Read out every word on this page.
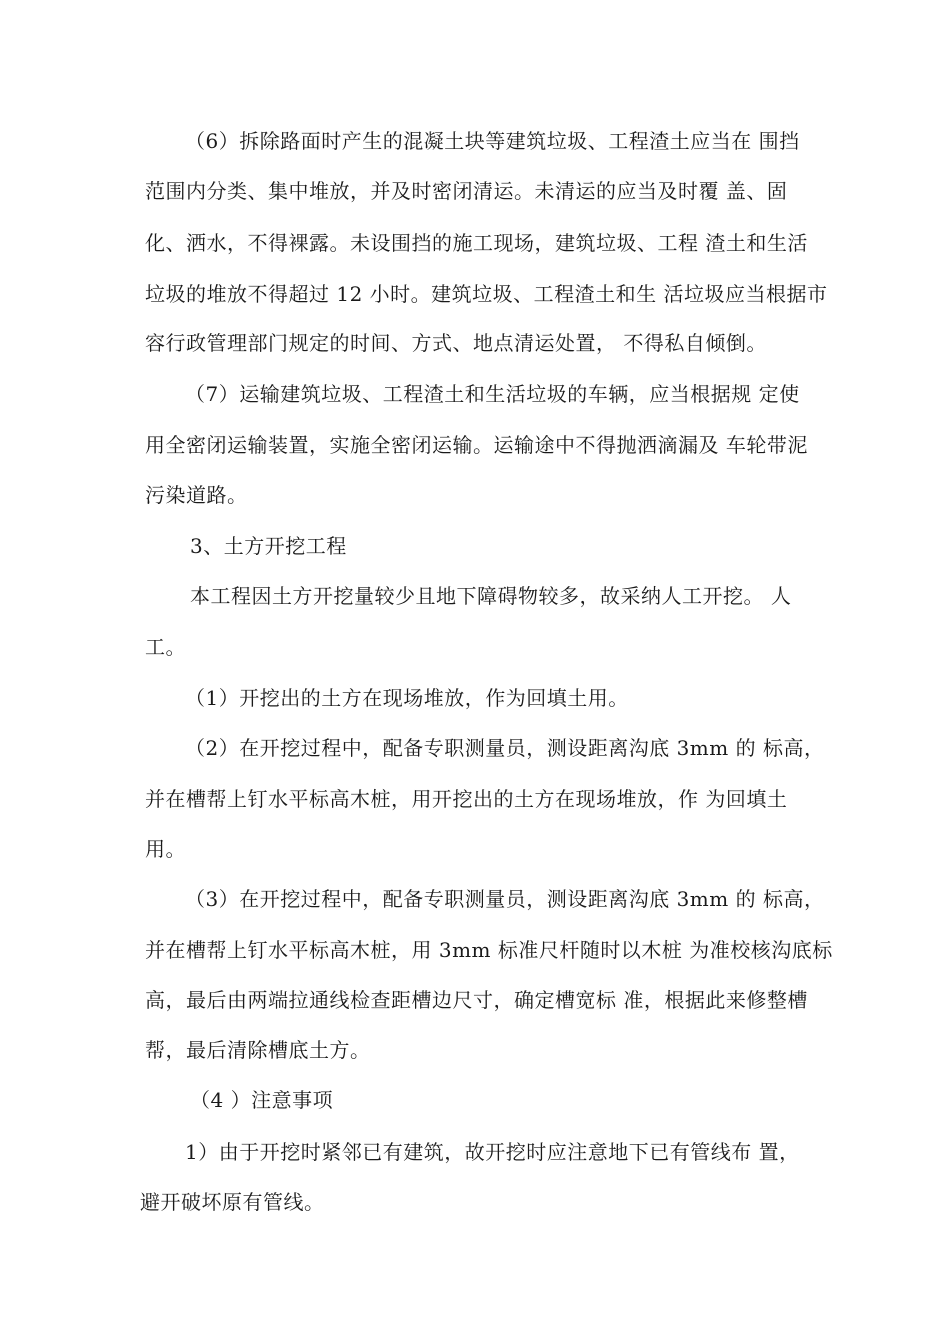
（6）拆除路面时产生的混凝土块等建筑垃圾、工程渣土应当在 围挡
范围内分类、集中堆放，并及时密闭清运。未清运的应当及时覆 盖、固
化、洒水，不得裸露。未设围挡的施工现场，建筑垃圾、工程 渣土和生活
垃圾的堆放不得超过 12 小时。建筑垃圾、工程渣土和生 活垃圾应当根据市
容行政管理部门规定的时间、方式、地点清运处置， 不得私自倾倒。
（7）运输建筑垃圾、工程渣土和生活垃圾的车辆，应当根据规 定使
用全密闭运输装置，实施全密闭运输。运输途中不得抛洒滴漏及 车轮带泥
污染道路。
3、土方开挖工程
本工程因土方开挖量较少且地下障碍物较多，故采纳人工开挖。 人
工。
（1）开挖出的土方在现场堆放，作为回填土用。
（2）在开挖过程中，配备专职测量员，测设距离沟底 3mm 的 标高，
并在槽帮上钉水平标高木桩，用开挖出的土方在现场堆放，作 为回填土
用。
（3）在开挖过程中，配备专职测量员，测设距离沟底 3mm 的 标高，
并在槽帮上钉水平标高木桩，用 3mm 标准尺杆随时以木桩 为准校核沟底标
高，最后由两端拉通线检查距槽边尺寸，确定槽宽标 准，根据此来修整槽
帮，最后清除槽底土方。
（4 ）注意事项
1）由于开挖时紧邻已有建筑，故开挖时应注意地下已有管线布 置，
避开破坏原有管线。
